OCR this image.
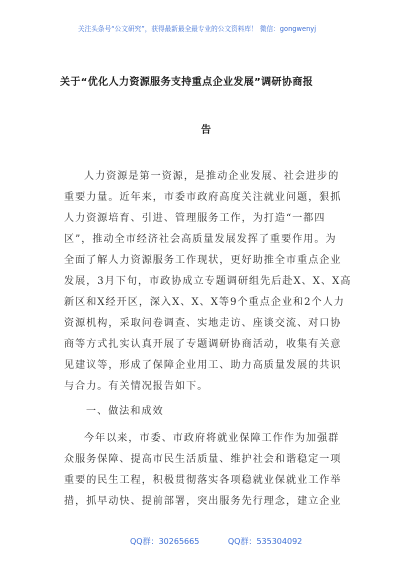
关注头条号“公文研究”，获得最新最全最专业的公文资料库！ 微信：gongwenyj
关于“优化人力资源服务支持重点企业发展”调研协商报
告
人力资源是第一资源，是推动企业发展、社会进步的
重要力量。近年来，市委市政府高度关注就业问题，狠抓
人力资源培育、引进、管理服务工作，为打造“一都四
区”，推动全市经济社会高质量发展发挥了重要作用。为
全面了解人力资源服务工作现状，更好助推全市重点企业
发展，3月下旬，市政协成立专题调研组先后赴X、X、X高
新区和X经开区，深入X、X、X等9个重点企业和2个人力
资源机构，采取问卷调查、实地走访、座谈交流、对口协
商等方式扎实认真开展了专题调研协商活动，收集有关意
见建议等，形成了保障企业用工、助力高质量发展的共识
与合力。有关情况报告如下。
一、做法和成效
今年以来，市委、市政府将就业保障工作作为加强群
众服务保障、提高市民生活质量、维护社会和谐稳定一项
重要的民生工程，积极贯彻落实各项稳就业保就业工作举
措，抓早动快、提前部署，突出服务先行理念，建立企业
QQ群：30265665	QQ群：535304092
